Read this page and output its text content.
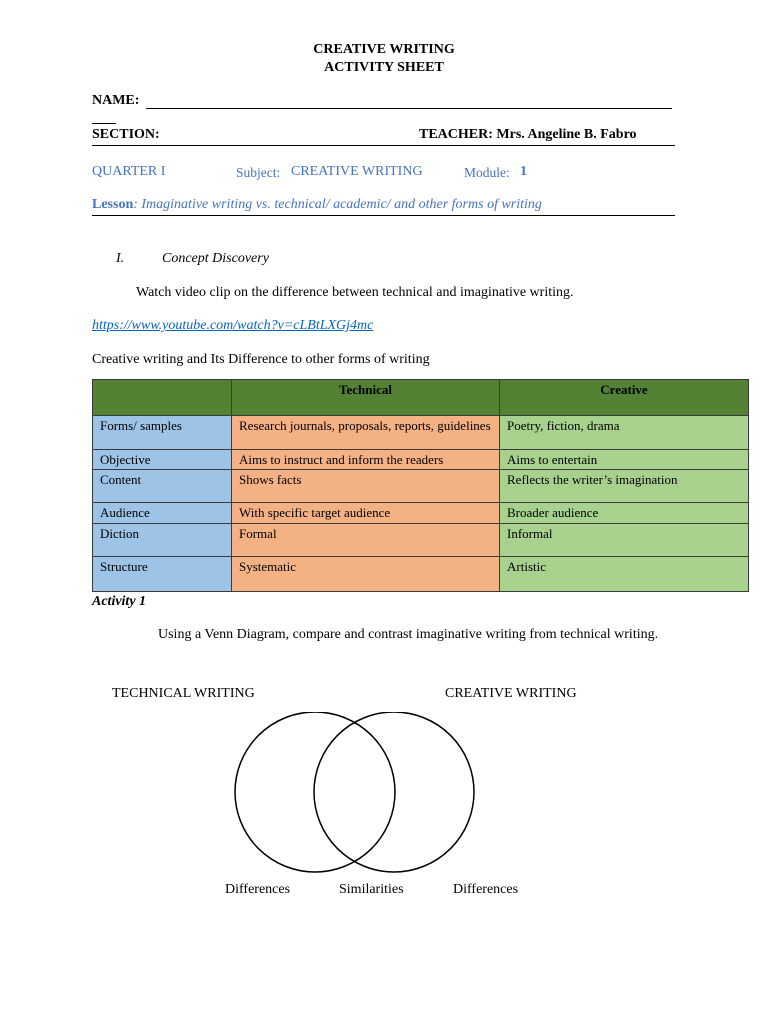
CREATIVE WRITING
ACTIVITY SHEET
NAME:
SECTION:	TEACHER: Mrs. Angeline B. Fabro
QUARTER I	Subject: CREATIVE WRITING	Module: 1
Lesson: Imaginative writing vs. technical/ academic/ and other forms of writing
I.	Concept Discovery
Watch video clip on the difference between technical and imaginative writing.
https://www.youtube.com/watch?v=cLBtLXGj4mc
Creative writing and Its Difference to other forms of writing
	Technical	Creative
Forms/ samples	Research journals, proposals, reports, guidelines	Poetry, fiction, drama
Objective	Aims to instruct and inform the readers	Aims to entertain
Content	Shows facts	Reflects the writer’s imagination
Audience	With specific target audience	Broader audience
Diction	Formal	Informal
Structure	Systematic	Artistic
Activity 1
Using a Venn Diagram, compare and contrast imaginative writing from technical writing.
TECHNICAL WRITING	CREATIVE WRITING
Differences	Similarities	Differences
